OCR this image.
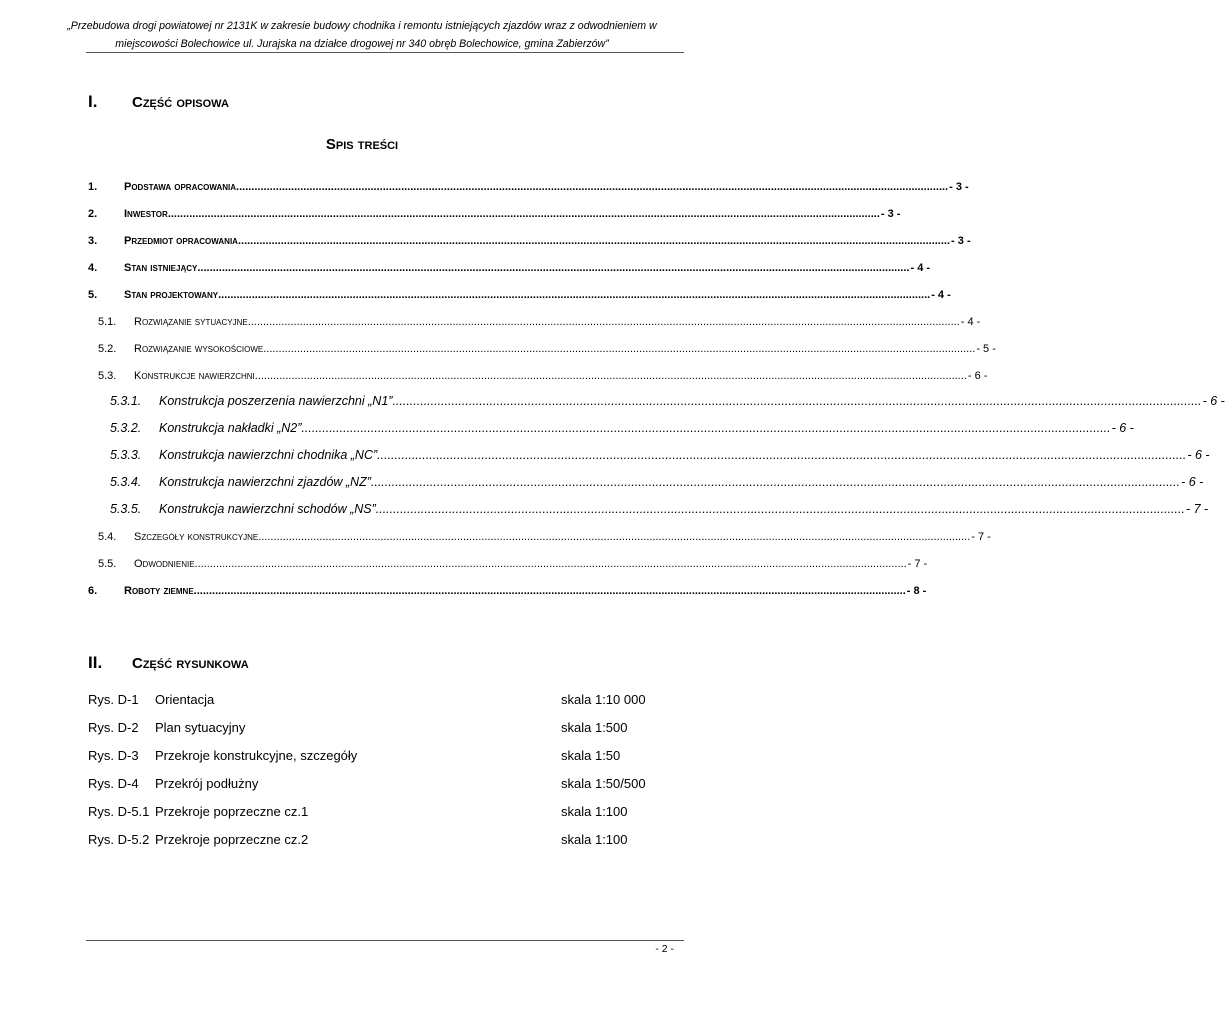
„Przebudowa drogi powiatowej nr 2131K w zakresie budowy chodnika i remontu istniejących zjazdów wraz z odwodnieniem w
miejscowości Bolechowice ul. Jurajska na działce drogowej nr 340 obręb Bolechowice, gmina Zabierzów”
I. Część opisowa
Spis treści
1.	Podstawa opracowania ......................................................................................................................................................................................................................................... - 3 -
2.	Inwestor ......................................................................................................................................................................................................................................... - 3 -
3.	Przedmiot opracowania ......................................................................................................................................................................................................................................... - 3 -
4.	Stan istniejący ......................................................................................................................................................................................................................................... - 4 -
5.	Stan projektowany ......................................................................................................................................................................................................................................... - 4 -
5.1.	Rozwiązanie sytuacyjne ......................................................................................................................................................................................................................................... - 4 -
5.2.	Rozwiązanie wysokościowe ......................................................................................................................................................................................................................................... - 5 -
5.3.	Konstrukcje nawierzchni ......................................................................................................................................................................................................................................... - 6 -
5.3.1.	Konstrukcja poszerzenia nawierzchni „N1” ......................................................................................................................................................................................................................................... - 6 -
5.3.2.	Konstrukcja nakładki „N2” ......................................................................................................................................................................................................................................... - 6 -
5.3.3.	Konstrukcja nawierzchni chodnika „NC” ......................................................................................................................................................................................................................................... - 6 -
5.3.4.	Konstrukcja nawierzchni zjazdów „NZ” ......................................................................................................................................................................................................................................... - 6 -
5.3.5.	Konstrukcja nawierzchni schodów „NS” ......................................................................................................................................................................................................................................... - 7 -
5.4.	Szczegóły konstrukcyjne ......................................................................................................................................................................................................................................... - 7 -
5.5.	Odwodnienie ......................................................................................................................................................................................................................................... - 7 -
6.	Roboty ziemne ......................................................................................................................................................................................................................................... - 8 -
II. Część rysunkowa
Rys. D-1 Orientacja	skala 1:10 000
Rys. D-2 Plan sytuacyjny	skala 1:500
Rys. D-3 Przekroje konstrukcyjne, szczegóły	skala 1:50
Rys. D-4 Przekrój podłużny	skala 1:50/500
Rys. D-5.1 Przekroje poprzeczne cz.1	skala 1:100
Rys. D-5.2 Przekroje poprzeczne cz.2	skala 1:100
- 2 -
